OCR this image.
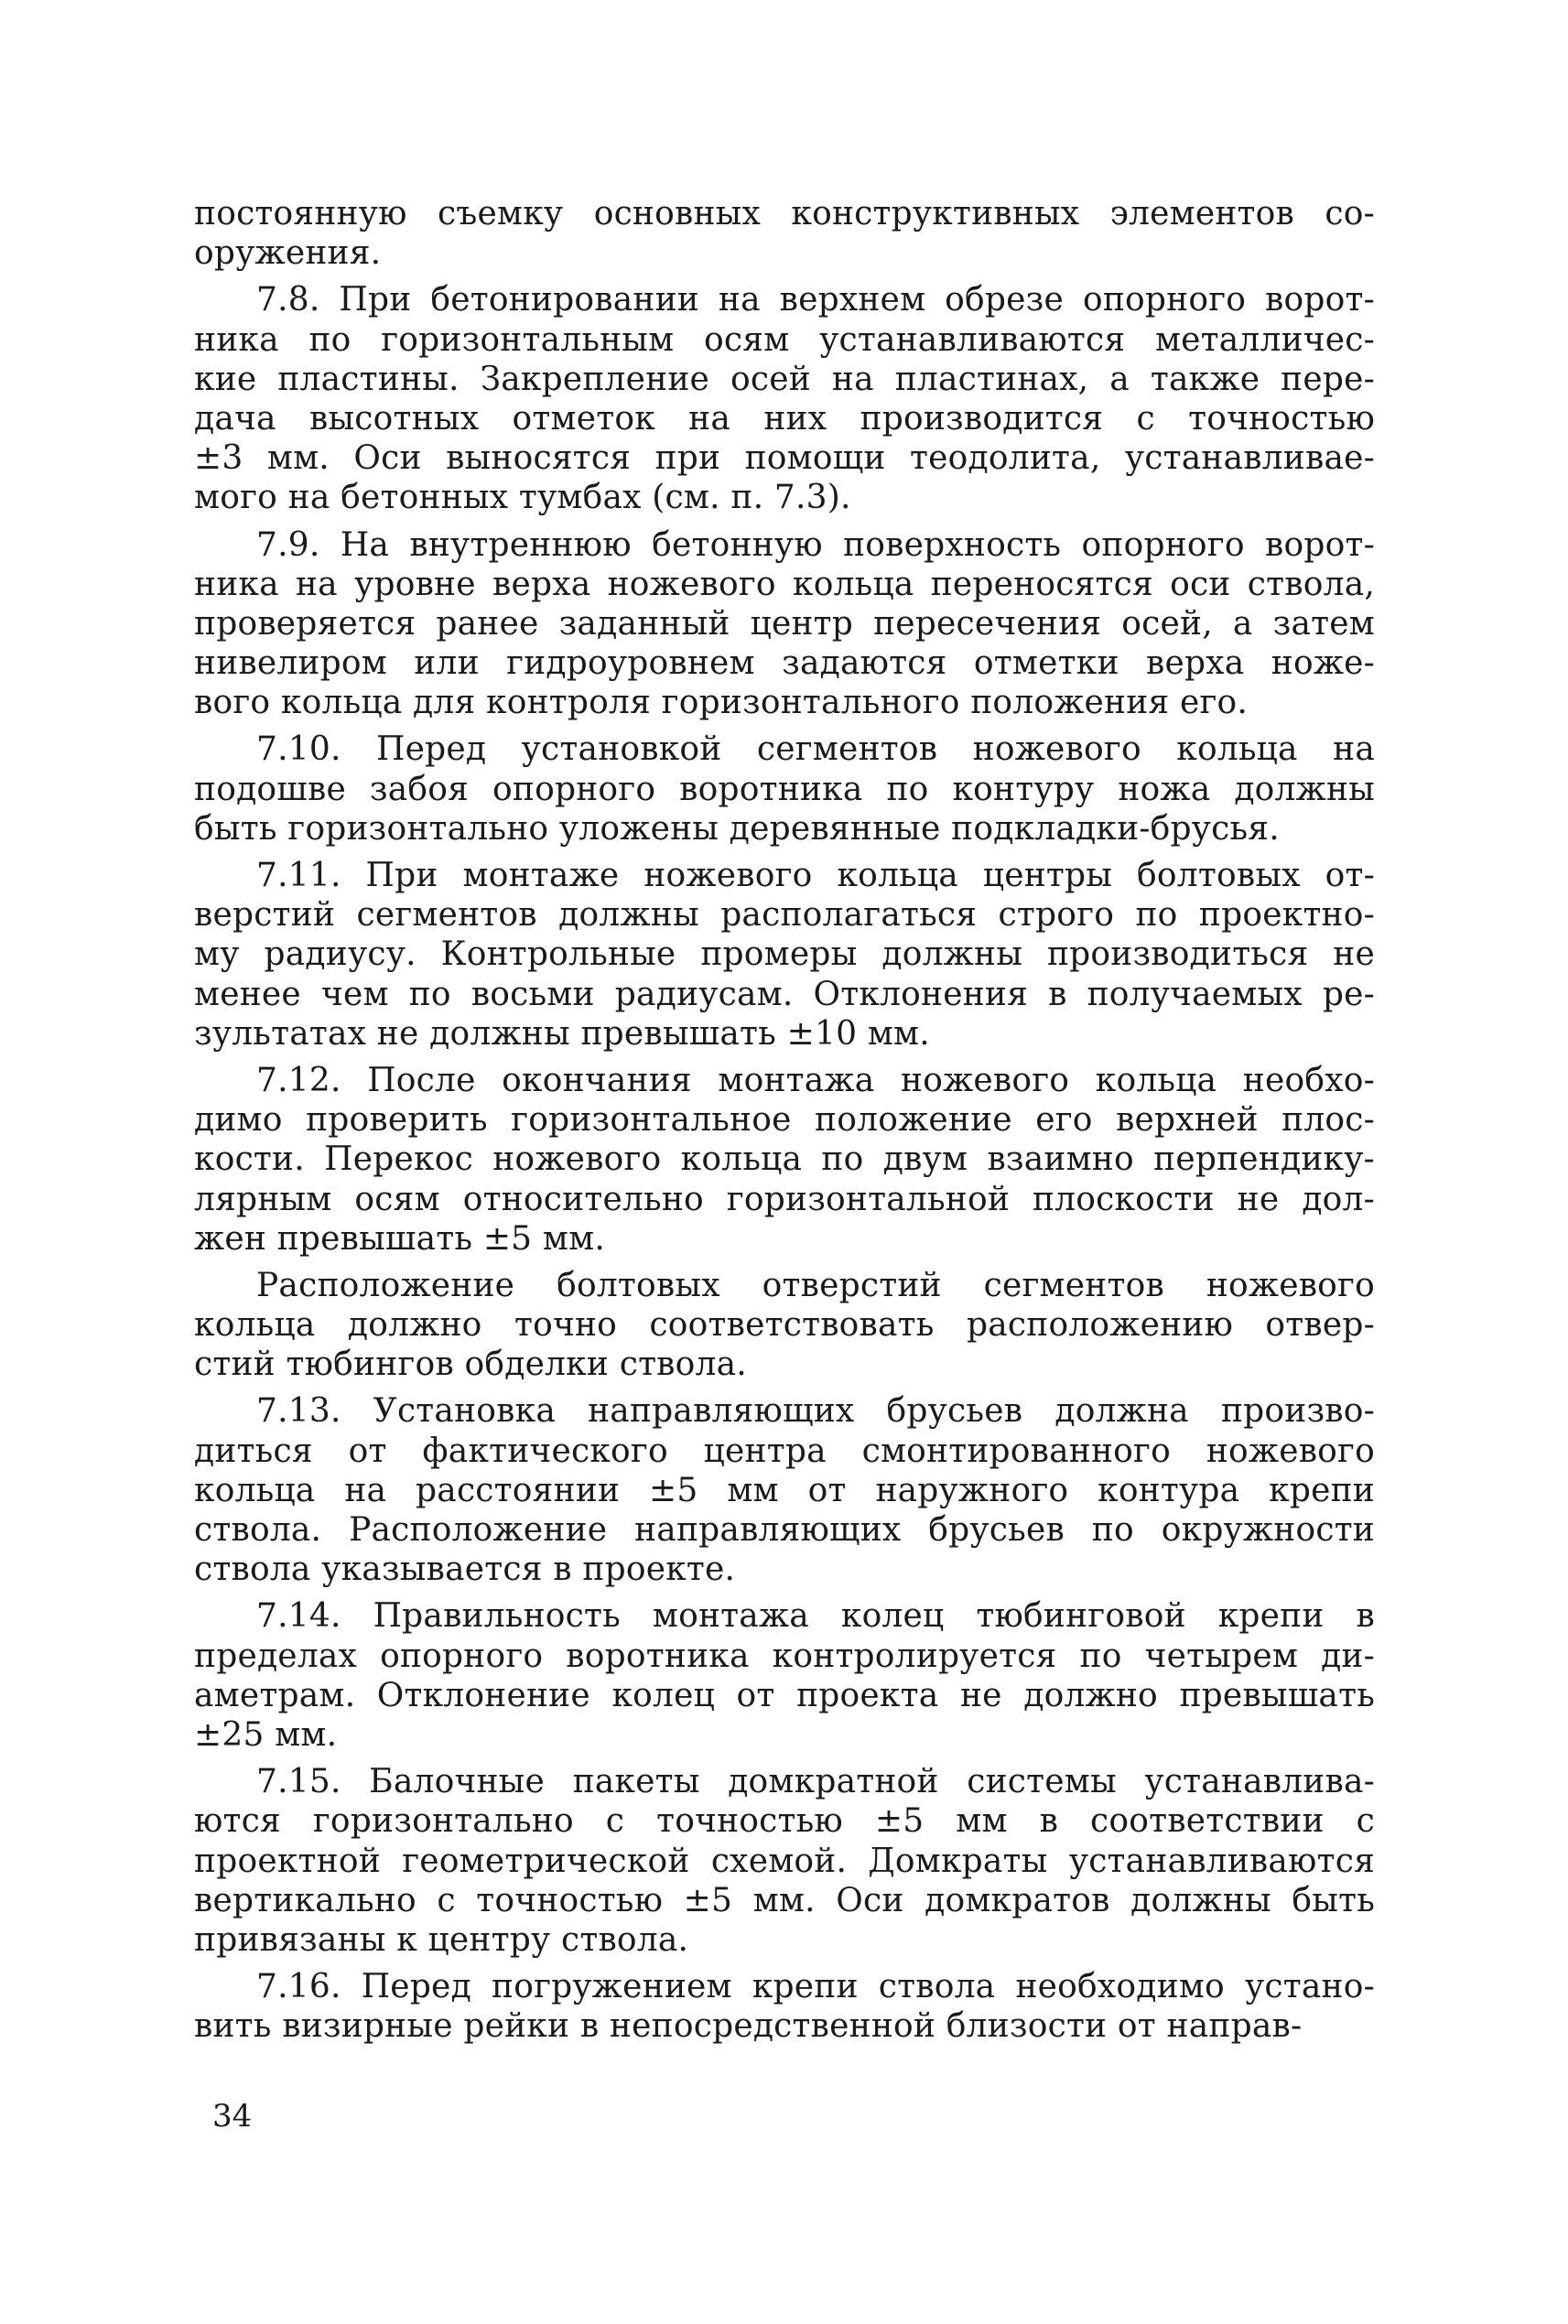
постоянную съемку основных конструктивных элементов со-
оружения.
7.8. При бетонировании на верхнем обрезе опорного ворот-
ника по горизонтальным осям устанавливаются металличес-
кие пластины. Закрепление осей на пластинах, а также пере-
дача высотных отметок на них производится с точностью
±3 мм. Оси выносятся при помощи теодолита, устанавливае-
мого на бетонных тумбах (см. п. 7.3).
7.9. На внутреннюю бетонную поверхность опорного ворот-
ника на уровне верха ножевого кольца переносятся оси ствола,
проверяется ранее заданный центр пересечения осей, а затем
нивелиром или гидроуровнем задаются отметки верха ноже-
вого кольца для контроля горизонтального положения его.
7.10. Перед установкой сегментов ножевого кольца на
подошве забоя опорного воротника по контуру ножа должны
быть горизонтально уложены деревянные подкладки-брусья.
7.11. При монтаже ножевого кольца центры болтовых от-
верстий сегментов должны располагаться строго по проектно-
му радиусу. Контрольные промеры должны производиться не
менее чем по восьми радиусам. Отклонения в получаемых ре-
зультатах не должны превышать ±10 мм.
7.12. После окончания монтажа ножевого кольца необхо-
димо проверить горизонтальное положение его верхней плос-
кости. Перекос ножевого кольца по двум взаимно перпендику-
лярным осям относительно горизонтальной плоскости не дол-
жен превышать ±5 мм.
Расположение болтовых отверстий сегментов ножевого
кольца должно точно соответствовать расположению отвер-
стий тюбингов обделки ствола.
7.13. Установка направляющих брусьев должна произво-
диться от фактического центра смонтированного ножевого
кольца на расстоянии ±5 мм от наружного контура крепи
ствола. Расположение направляющих брусьев по окружности
ствола указывается в проекте.
7.14. Правильность монтажа колец тюбинговой крепи в
пределах опорного воротника контролируется по четырем ди-
аметрам. Отклонение колец от проекта не должно превышать
±25 мм.
7.15. Балочные пакеты домкратной системы устанавлива-
ются горизонтально с точностью ±5 мм в соответствии с
проектной геометрической схемой. Домкраты устанавливаются
вертикально с точностью ±5 мм. Оси домкратов должны быть
привязаны к центру ствола.
7.16. Перед погружением крепи ствола необходимо устано-
вить визирные рейки в непосредственной близости от направ-
34
